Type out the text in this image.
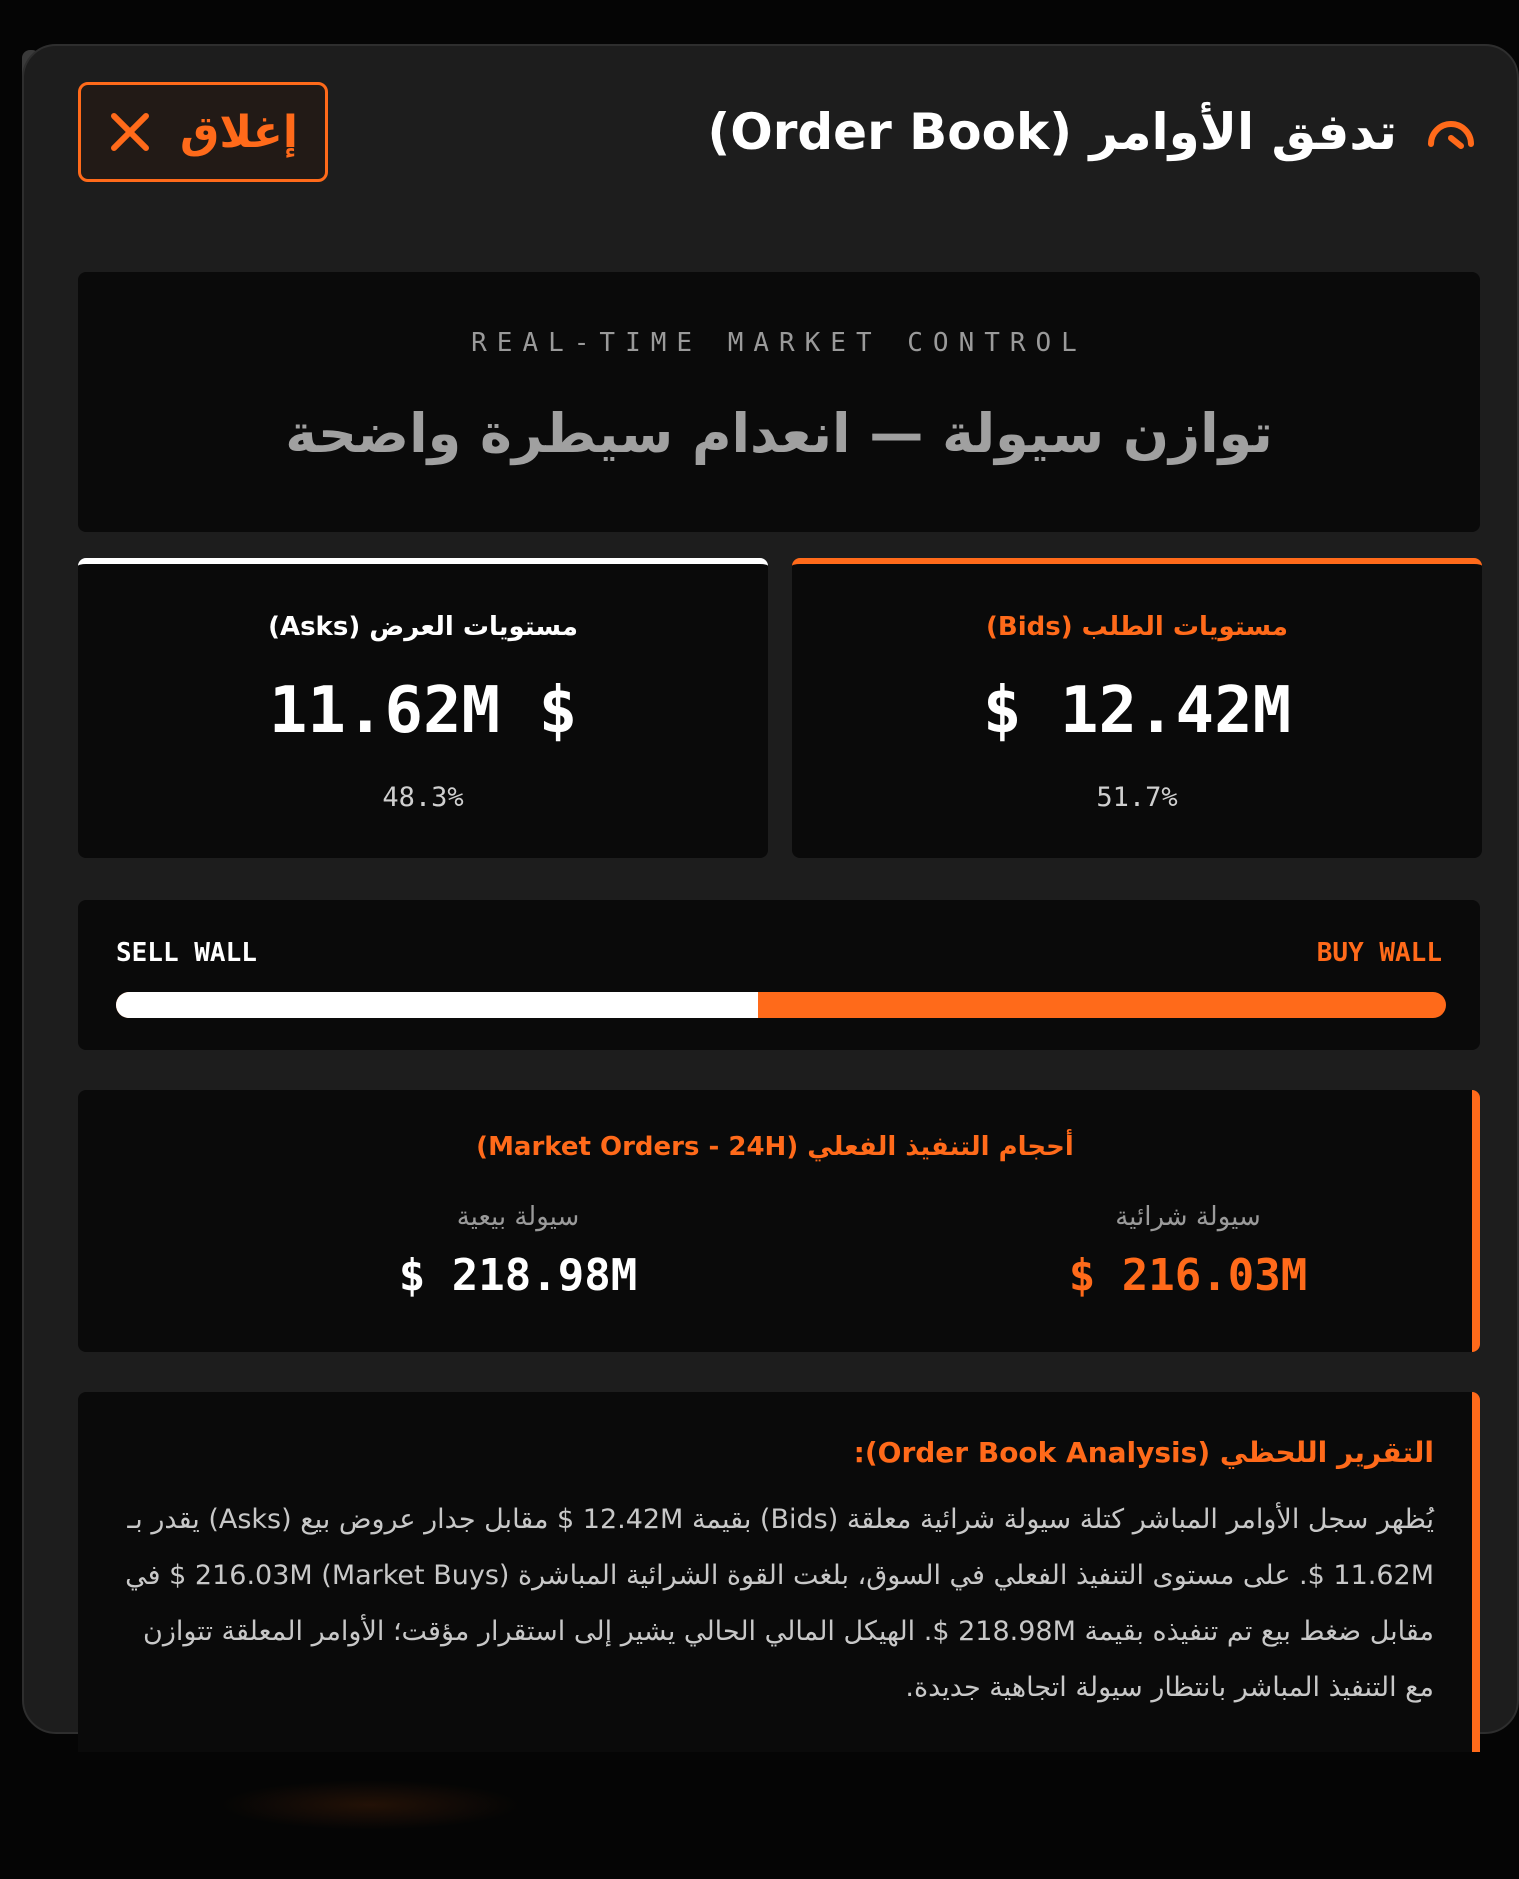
إغلاق	تدفق الأوامر (Order Book)
REAL-TIME MARKET CONTROL
توازن سيولة — انعدام سيطرة واضحة
مستويات العرض (Asks)
11.62M $
48.3%
مستويات الطلب (Bids)
$ 12.42M
51.7%
SELL WALL	BUY WALL
أحجام التنفيذ الفعلي (Market Orders - 24H)
سيولة بيعية
$ 218.98M
سيولة شرائية
$ 216.03M
التقرير اللحظي (Order Book Analysis):
يُظهر سجل الأوامر المباشر كتلة سيولة شرائية معلقة (Bids) بقيمة 12.42M $ مقابل جدار عروض بيع (Asks) يقدر بـ 11.62M $. على مستوى التنفيذ الفعلي في السوق، بلغت القوة الشرائية المباشرة (Market Buys) 216.03M $ في مقابل ضغط بيع تم تنفيذه بقيمة 218.98M $. الهيكل المالي الحالي يشير إلى استقرار مؤقت؛ الأوامر المعلقة تتوازن مع التنفيذ المباشر بانتظار سيولة اتجاهية جديدة.
